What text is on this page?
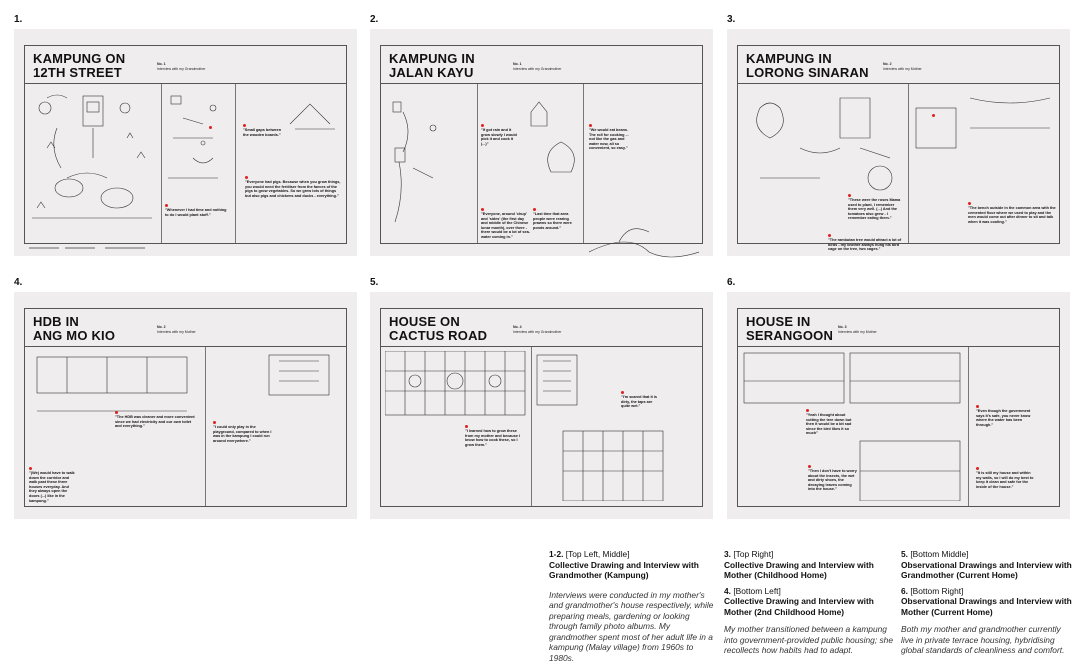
1.
KAMPUNG ON
12TH STREET
No. 1
Interview with my Grandmother
"Whenever I had time and nothing to do I would plant stuff."
"Small gaps between the wooden boards."
"Everyone had pigs. Because when you grow things, you would need the fertiliser from the faeces of the pigs to grow vegetables. So we grew lots of things but also pigs and chickens and ducks - everything."
2.
KAMPUNG IN
JALAN KAYU
No. 1
Interview with my Grandmother
"If got rain and it grow slowly I would pick it and cook it (...)"
"Everyone, around 'chup' and 'sides' (the first day and middle of the Chinese lunar month), over there - there would be a lot of sea-water coming in."
"Last time that area people were rearing prawns so there were ponds around."
"We would eat beans. The roll for cooking ... not like the gas and water now, all so convenient, so easy."
3.
KAMPUNG IN
LORONG SINARAN
No. 2
Interview with my Mother
"These were the roses Mama used to plant, I remember them very well. (...) And the tomatoes also grew - I remember eating them."
"The rambutan tree would attract a lot of birds - my brother always hung his bird cage on the tree, two cages."
"The bench outside in the common area with the cemented floor where we used to play and the men would come out after dinner to sit and talk when it was cooling."
4.
HDB IN
ANG MO KIO
No. 2
Interview with my Mother
"The HDB was cleaner and more convenient since we had electricity and our own toilet and everything."
"(We) would have to walk down the corridor and walk past these three houses everyday. And they always open the doors (...) like in the kampung."
"I could only play in the playground, compared to when I was in the kampung I could run around everywhere."
5.
HOUSE ON
CACTUS ROAD
No. 4
Interview with my Grandmother
"I learned how to grow these from my mother and because I know how to cook these, so I grow them."
"I'm scared that it is dirty, the taps are quite wet."
6.
HOUSE IN
SERANGOON
No. 3
Interview with my Mother
"Yeah I thought about cutting the tree down but then it would be a bit sad since the bird likes it so much"
"Then I don't have to worry about the insects, the wet and dirty shoes, the decaying leaves coming into the house."
"Even though the government says it's safe, you never know where the water has been through."
"It is still my house and within my walls, so I will do my best to keep it clean and safe for the inside of the house."
1-2. [Top Left, Middle]
Collective Drawing and Interview with Grandmother (Kampung)
Interviews were conducted in my mother's and grandmother's house respectively, while preparing meals, gardening or looking through family photo albums. My grandmother spent most of her adult life in a kampung (Malay village) from 1960s to 1980s.
3. [Top Right]
Collective Drawing and Interview with Mother (Childhood Home)
4. [Bottom Left]
Collective Drawing and Interview with Mother (2nd Childhood Home)
My mother transitioned between a kampung into government-provided public housing; she recollects how habits had to adapt.
5. [Bottom Middle]
Observational Drawings and Interview with Grandmother (Current Home)
6. [Bottom Right]
Observational Drawings and Interview with Mother (Current Home)
Both my mother and grandmother currently live in private terrace housing, hybridising global standards of cleanliness and comfort.
